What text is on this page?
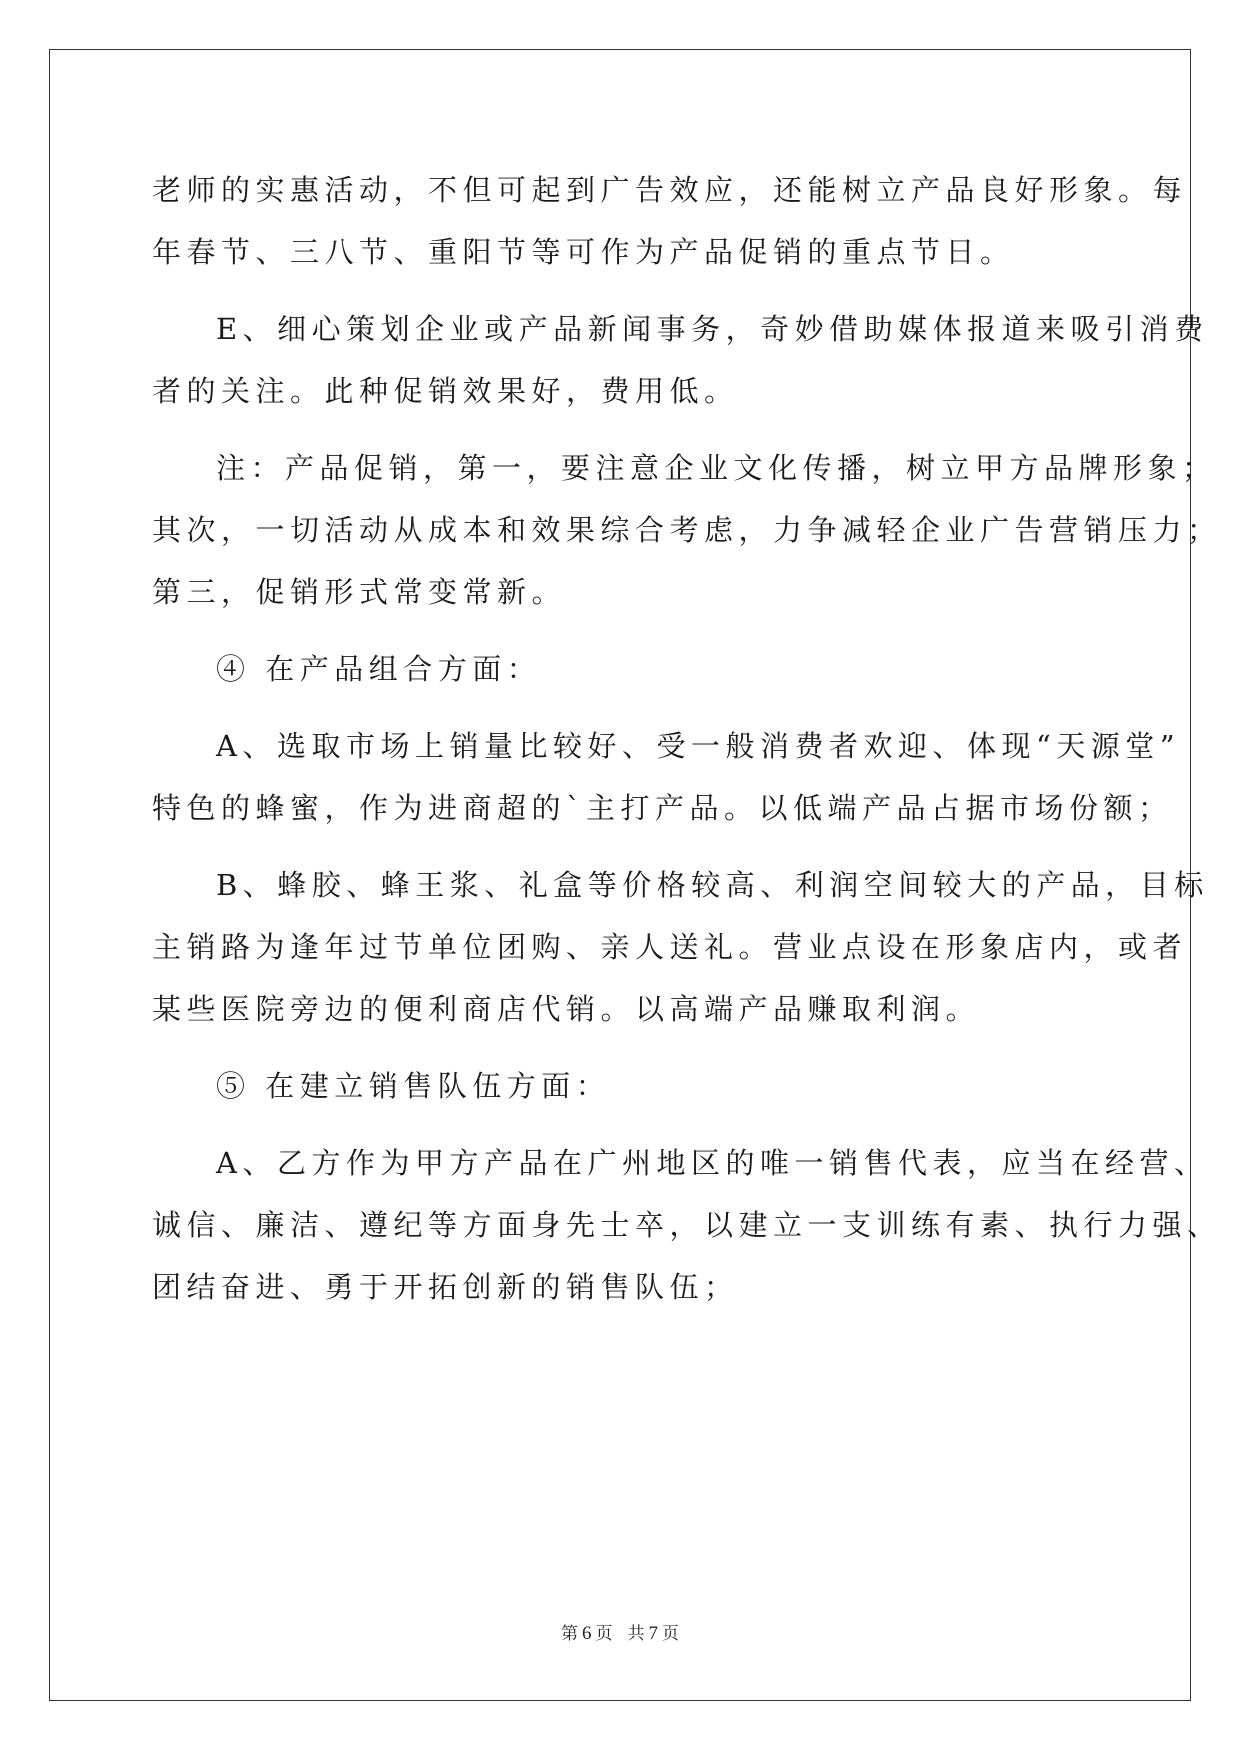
老师的实惠活动，不但可起到广告效应，还能树立产品良好形象。每
年春节、三八节、重阳节等可作为产品促销的重点节日。
E、细心策划企业或产品新闻事务，奇妙借助媒体报道来吸引消费
者的关注。此种促销效果好，费用低。
注：产品促销，第一，要注意企业文化传播，树立甲方品牌形象；
其次，一切活动从成本和效果综合考虑，力争减轻企业广告营销压力；
第三，促销形式常变常新。
④ 在产品组合方面：
A、选取市场上销量比较好、受一般消费者欢迎、体现“天源堂”
特色的蜂蜜，作为进商超的`主打产品。以低端产品占据市场份额；
B、蜂胶、蜂王浆、礼盒等价格较高、利润空间较大的产品，目标
主销路为逢年过节单位团购、亲人送礼。营业点设在形象店内，或者
某些医院旁边的便利商店代销。以高端产品赚取利润。
⑤ 在建立销售队伍方面：
A、乙方作为甲方产品在广州地区的唯一销售代表，应当在经营、
诚信、廉洁、遵纪等方面身先士卒，以建立一支训练有素、执行力强、
团结奋进、勇于开拓创新的销售队伍；
第 6 页 共 7 页
